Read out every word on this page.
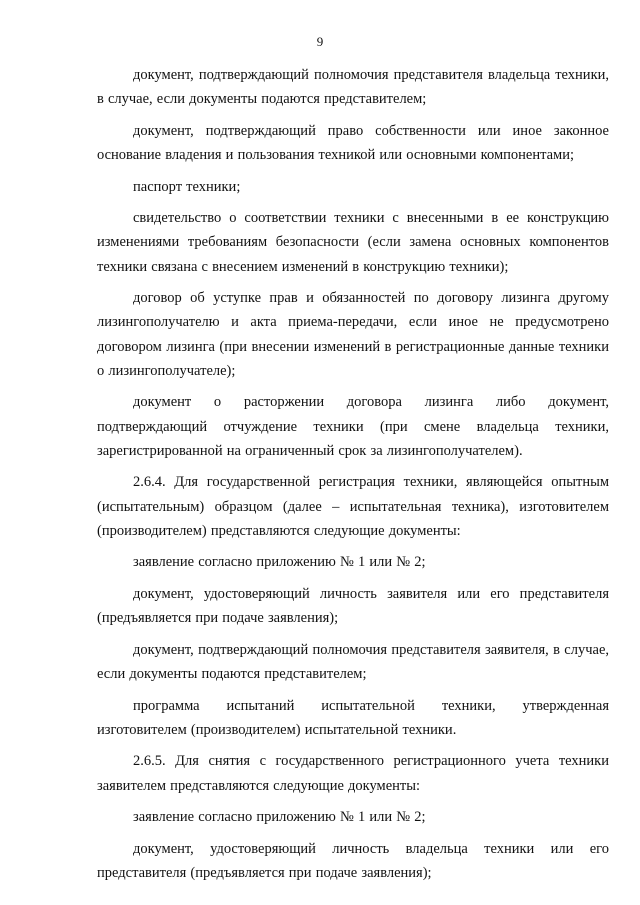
9

документ, подтверждающий полномочия представителя владельца техники, в случае, если документы подаются представителем;

документ, подтверждающий право собственности или иное законное основание владения и пользования техникой или основными компонентами;

паспорт техники;

свидетельство о соответствии техники с внесенными в ее конструкцию изменениями требованиям безопасности (если замена основных компонентов техники связана с внесением изменений в конструкцию техники);

договор об уступке прав и обязанностей по договору лизинга другому лизингополучателю и акта приема-передачи, если иное не предусмотрено договором лизинга (при внесении изменений в регистрационные данные техники о лизингополучателе);

документ о расторжении договора лизинга либо документ, подтверждающий отчуждение техники (при смене владельца техники, зарегистрированной на ограниченный срок за лизингополучателем).

2.6.4. Для государственной регистрация техники, являющейся опытным (испытательным) образцом (далее – испытательная техника), изготовителем (производителем) представляются следующие документы:

заявление согласно приложению № 1 или № 2;

документ, удостоверяющий личность заявителя или его представителя (предъявляется при подаче заявления);

документ, подтверждающий полномочия представителя заявителя, в случае, если документы подаются представителем;

программа испытаний испытательной техники, утвержденная изготовителем (производителем) испытательной техники.

2.6.5. Для снятия с государственного регистрационного учета техники заявителем представляются следующие документы:

заявление согласно приложению № 1 или № 2;

документ, удостоверяющий личность владельца техники или его представителя (предъявляется при подаче заявления);
